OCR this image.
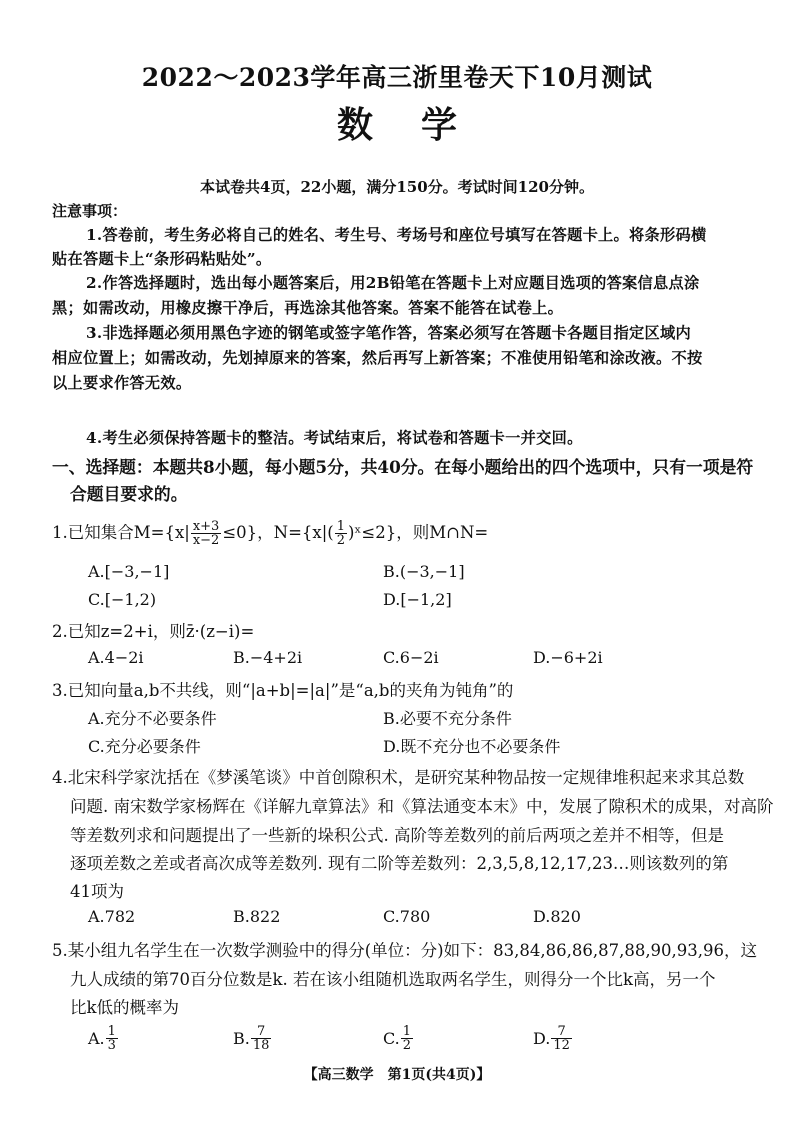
2022～2023学年高三浙里卷天下10月测试
数学
本试卷共4页，22小题，满分150分。考试时间120分钟。
注意事项：
1.答卷前，考生务必将自己的姓名、考生号、考场号和座位号填写在答题卡上。将条形码横
贴在答题卡上“条形码粘贴处”。
2.作答选择题时，选出每小题答案后，用2B铅笔在答题卡上对应题目选项的答案信息点涂
黑；如需改动，用橡皮擦干净后，再选涂其他答案。答案不能答在试卷上。
3.非选择题必须用黑色字迹的钢笔或签字笔作答，答案必须写在答题卡各题目指定区域内
相应位置上；如需改动，先划掉原来的答案，然后再写上新答案；不准使用铅笔和涂改液。不按
以上要求作答无效。
4.考生必须保持答题卡的整洁。考试结束后，将试卷和答题卡一并交回。
一、选择题：本题共8小题，每小题5分，共40分。在每小题给出的四个选项中，只有一项是符
合题目要求的。
1.已知集合$M=\{x| \frac{x+3}{x-2} \le 0\}$，$N=\{x|( \frac{1}{2}$ )ˣ≤2}，则M∩N=
A.[−3,−1]	B.(−3,−1]
C.[−1,2)	D.[−1,2]
2.已知z=2+i，则z̄·(z−i)=
A.4−2i	B.−4+2i	C.6−2i	D.−6+2i
3.已知向量a,b不共线，则“|a+b|=|a|”是“a,b的夹角为钝角”的
A.充分不必要条件	B.必要不充分条件
C.充分必要条件	D.既不充分也不必要条件
4.北宋科学家沈括在《梦溪笔谈》中首创隙积术，是研究某种物品按一定规律堆积起来求其总数
问题. 南宋数学家杨辉在《详解九章算法》和《算法通变本末》中，发展了隙积术的成果，对高阶
等差数列求和问题提出了一些新的垛积公式. 高阶等差数列的前后两项之差并不相等，但是
逐项差数之差或者高次成等差数列. 现有二阶等差数列：2,3,5,8,12,17,23…则该数列的第
41项为
A.782	B.822	C.780	D.820
5.某小组九名学生在一次数学测验中的得分(单位：分)如下：83,84,86,86,87,88,90,93,96，这
九人成绩的第70百分位数是k. 若在该小组随机选取两名学生，则得分一个比k高，另一个
比k低的概率为
A. $\frac{1}{3}$	B. $\frac{7}{18}$	C. $\frac{1}{2}$	D. $\frac{7}{12}$
【高三数学　第1页(共4页)】
